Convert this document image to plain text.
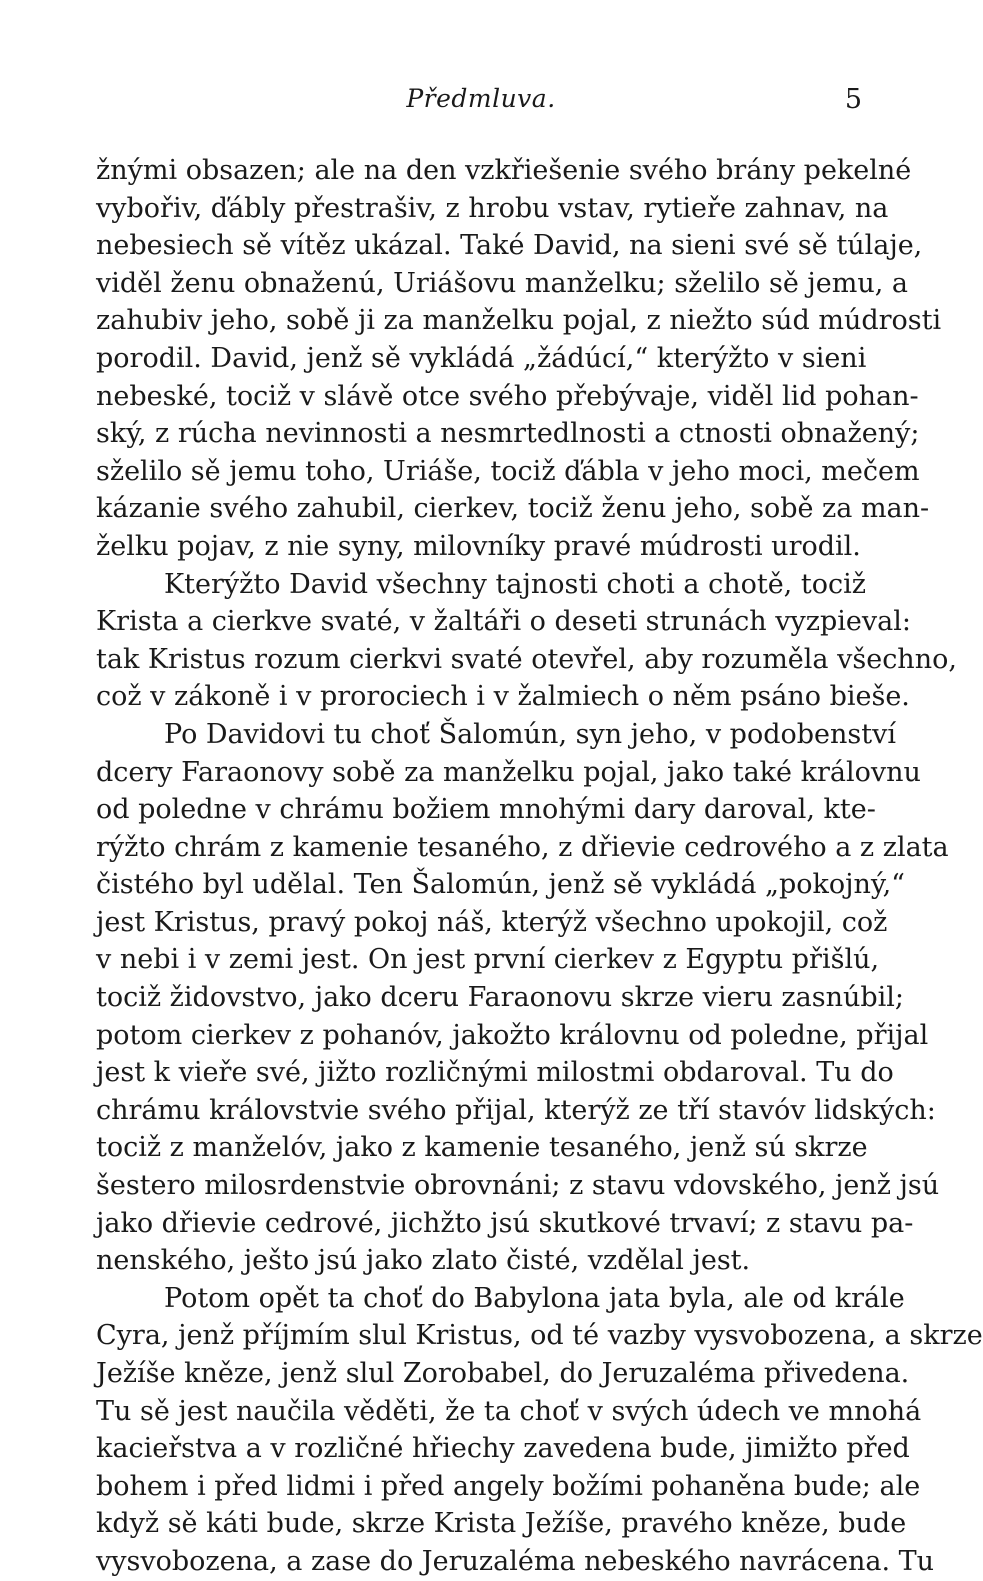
Předmluva.	5
žnými obsazen; ale na den vzkřiešenie svého brány pekelné
vybořiv, ďábly přestrašiv, z hrobu vstav, rytieře zahnav, na
nebesiech sě vítěz ukázal. Také David, na sieni své sě túlaje,
viděl ženu obnaženú, Uriášovu manželku; sželilo sě jemu, a
zahubiv jeho, sobě ji za manželku pojal, z niežto súd múdrosti
porodil. David, jenž sě vykládá „žádúcí,“ kterýžto v sieni
nebeské, tociž v slávě otce svého přebývaje, viděl lid pohan-
ský, z rúcha nevinnosti a nesmrtedlnosti a ctnosti obnažený;
sželilo sě jemu toho, Uriáše, tociž ďábla v jeho moci, mečem
kázanie svého zahubil, cierkev, tociž ženu jeho, sobě za man-
želku pojav, z nie syny, milovníky pravé múdrosti urodil.
Kterýžto David všechny tajnosti choti a chotě, tociž
Krista a cierkve svaté, v žaltáři o deseti strunách vyzpieval:
tak Kristus rozum cierkvi svaté otevřel, aby rozuměla všechno,
což v zákoně i v prorociech i v žalmiech o něm psáno bieše.
Po Davidovi tu choť Šalomún, syn jeho, v podobenství
dcery Faraonovy sobě za manželku pojal, jako také královnu
od poledne v chrámu božiem mnohými dary daroval, kte-
rýžto chrám z kamenie tesaného, z dřievie cedrového a z zlata
čistého byl udělal. Ten Šalomún, jenž sě vykládá „pokojný,“
jest Kristus, pravý pokoj náš, kterýž všechno upokojil, což
v nebi i v zemi jest. On jest první cierkev z Egyptu přišlú,
tociž židovstvo, jako dceru Faraonovu skrze vieru zasnúbil;
potom cierkev z pohanóv, jakožto královnu od poledne, přijal
jest k vieře své, jižto rozličnými milostmi obdaroval. Tu do
chrámu královstvie svého přijal, kterýž ze tří stavóv lidských:
tociž z manželóv, jako z kamenie tesaného, jenž sú skrze
šestero milosrdenstvie obrovnáni; z stavu vdovského, jenž jsú
jako dřievie cedrové, jichžto jsú skutkové trvaví; z stavu pa-
nenského, ješto jsú jako zlato čisté, vzdělal jest.
Potom opět ta choť do Babylona jata byla, ale od krále
Cyra, jenž příjmím slul Kristus, od té vazby vysvobozena, a skrze
Ježíše kněze, jenž slul Zorobabel, do Jeruzaléma přivedena.
Tu sě jest naučila věděti, že ta choť v svých údech ve mnohá
kacieřstva a v rozličné hřiechy zavedena bude, jimižto před
bohem i před lidmi i před angely božími pohaněna bude; ale
když sě káti bude, skrze Krista Ježíše, pravého kněze, bude
vysvobozena, a zase do Jeruzaléma nebeského navrácena. Tu
